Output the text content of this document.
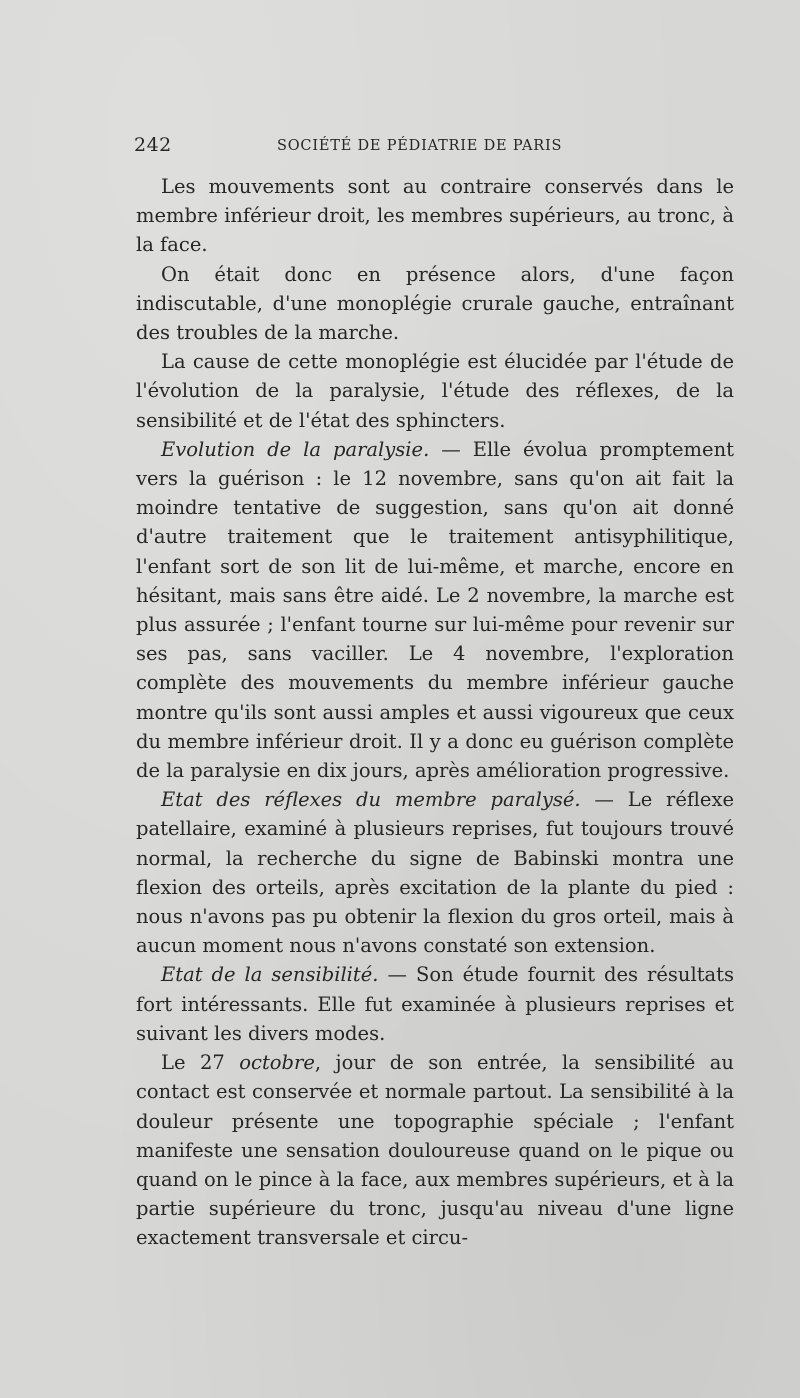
242	SOCIÉTÉ DE PÉDIATRIE DE PARIS

Les mouvements sont au contraire conservés dans le membre inférieur droit, les membres supérieurs, au tronc, à la face.

On était donc en présence alors, d'une façon indiscutable, d'une monoplégie crurale gauche, entraînant des troubles de la marche.

La cause de cette monoplégie est élucidée par l'étude de l'évolution de la paralysie, l'étude des réflexes, de la sensibilité et de l'état des sphincters.

Evolution de la paralysie. — Elle évolua promptement vers la guérison : le 12 novembre, sans qu'on ait fait la moindre tentative de suggestion, sans qu'on ait donné d'autre traitement que le traitement antisyphilitique, l'enfant sort de son lit de lui-même, et marche, encore en hésitant, mais sans être aidé. Le 2 novembre, la marche est plus assurée ; l'enfant tourne sur lui-même pour revenir sur ses pas, sans vaciller. Le 4 novembre, l'exploration complète des mouvements du membre inférieur gauche montre qu'ils sont aussi amples et aussi vigoureux que ceux du membre inférieur droit. Il y a donc eu guérison complète de la paralysie en dix jours, après amélioration progressive.

Etat des réflexes du membre paralysé. — Le réflexe patellaire, examiné à plusieurs reprises, fut toujours trouvé normal, la recherche du signe de Babinski montra une flexion des orteils, après excitation de la plante du pied : nous n'avons pas pu obtenir la flexion du gros orteil, mais à aucun moment nous n'avons constaté son extension.

Etat de la sensibilité. — Son étude fournit des résultats fort intéressants. Elle fut examinée à plusieurs reprises et suivant les divers modes.

Le 27 octobre, jour de son entrée, la sensibilité au contact est conservée et normale partout. La sensibilité à la douleur présente une topographie spéciale ; l'enfant manifeste une sensation douloureuse quand on le pique ou quand on le pince à la face, aux membres supérieurs, et à la partie supérieure du tronc, jusqu'au niveau d'une ligne exactement transversale et circu-
